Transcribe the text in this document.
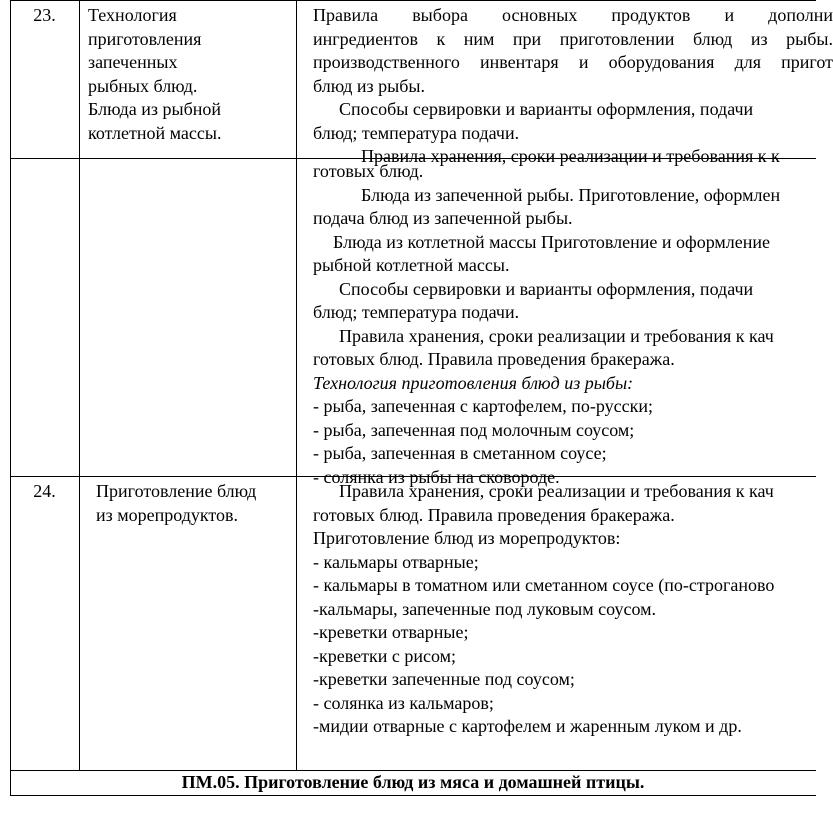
23.	Технология
приготовления
запеченных
рыбных блюд.
Блюда из рыбной
котлетной массы.
Правила выбора основных продуктов и дополни
ингредиентов к ним при приготовлении блюд из рыбы.
производственного инвентаря и оборудования для пригот
блюд из рыбы.
Способы сервировки и варианты оформления, подачи
блюд; температура подачи.
Правила хранения, сроки реализации и требования к к
готовых блюд.
Блюда из запеченной рыбы. Приготовление, оформлен
подача блюд из запеченной рыбы.
Блюда из котлетной массы Приготовление и оформление
рыбной котлетной массы.
Способы сервировки и варианты оформления, подачи
блюд; температура подачи.
Правила хранения, сроки реализации и требования к кач
готовых блюд. Правила проведения бракеража.
Технология приготовления блюд из рыбы:
- рыба, запеченная с картофелем, по-русски;
- рыба, запеченная под молочным соусом;
- рыба, запеченная в сметанном соусе;
- солянка из рыбы на сковороде.
24.	Приготовление блюд
из морепродуктов.
Правила хранения, сроки реализации и требования к кач
готовых блюд. Правила проведения бракеража.
Приготовление блюд из морепродуктов:
- кальмары отварные;
- кальмары в томатном или сметанном соусе (по-строганово
-кальмары, запеченные под луковым соусом.
-креветки отварные;
-креветки с рисом;
-креветки запеченные под соусом;
- солянка из кальмаров;
-мидии отварные с картофелем и жаренным луком и др.
ПМ.05. Приготовление блюд из мяса и домашней птицы.
